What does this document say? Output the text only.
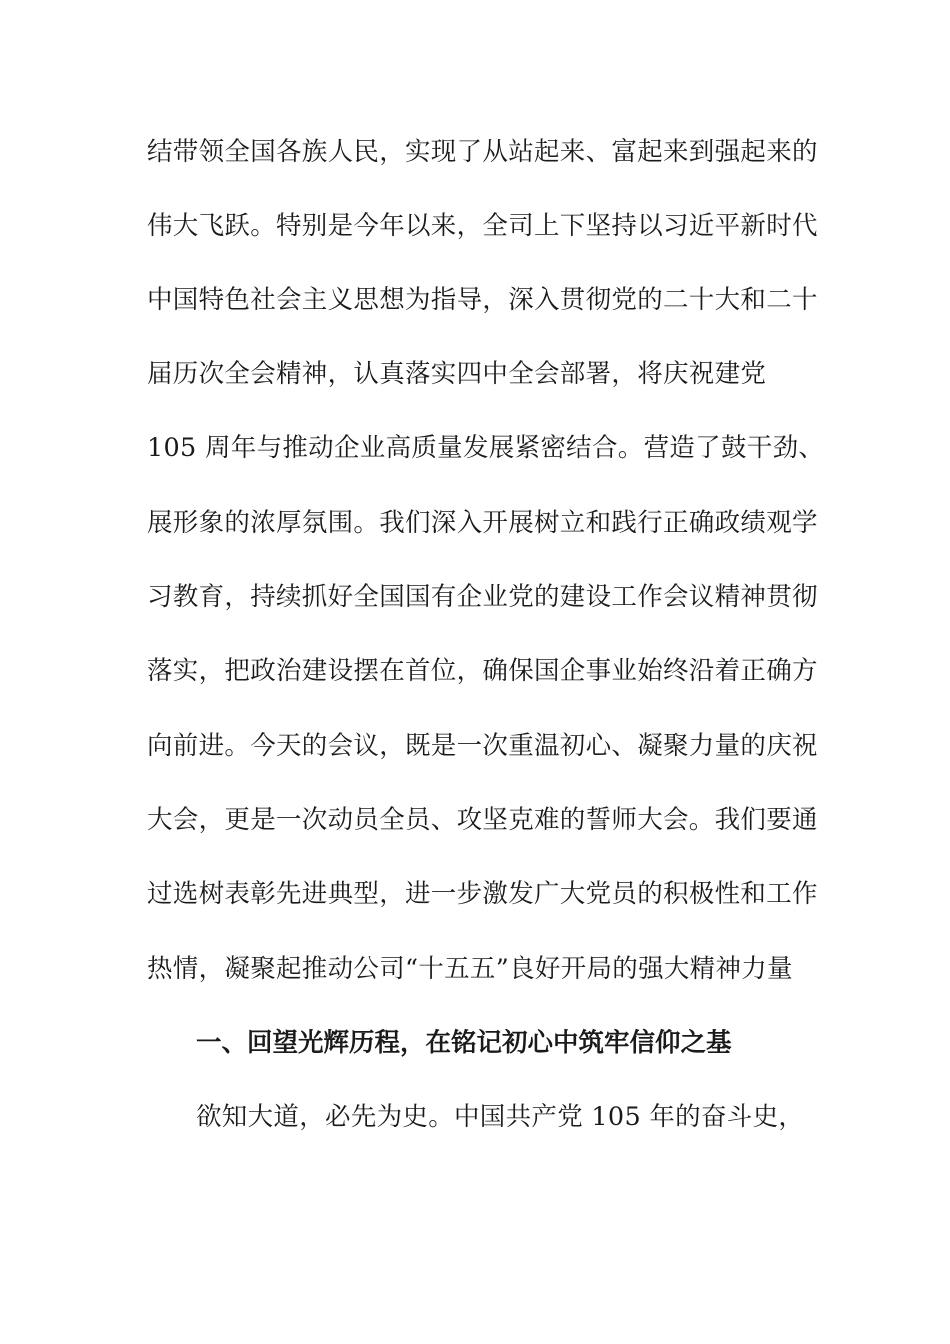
结带领全国各族人民，实现了从站起来、富起来到强起来的
伟大飞跃。特别是今年以来，全司上下坚持以习近平新时代
中国特色社会主义思想为指导，深入贯彻党的二十大和二十
届历次全会精神，认真落实四中全会部署，将庆祝建党
105 周年与推动企业高质量发展紧密结合。营造了鼓干劲、
展形象的浓厚氛围。我们深入开展树立和践行正确政绩观学
习教育，持续抓好全国国有企业党的建设工作会议精神贯彻
落实，把政治建设摆在首位，确保国企事业始终沿着正确方
向前进。今天的会议，既是一次重温初心、凝聚力量的庆祝
大会，更是一次动员全员、攻坚克难的誓师大会。我们要通
过选树表彰先进典型，进一步激发广大党员的积极性和工作
热情，凝聚起推动公司“十五五”良好开局的强大精神力量
一、回望光辉历程，在铭记初心中筑牢信仰之基
欲知大道，必先为史。中国共产党 105 年的奋斗史，
